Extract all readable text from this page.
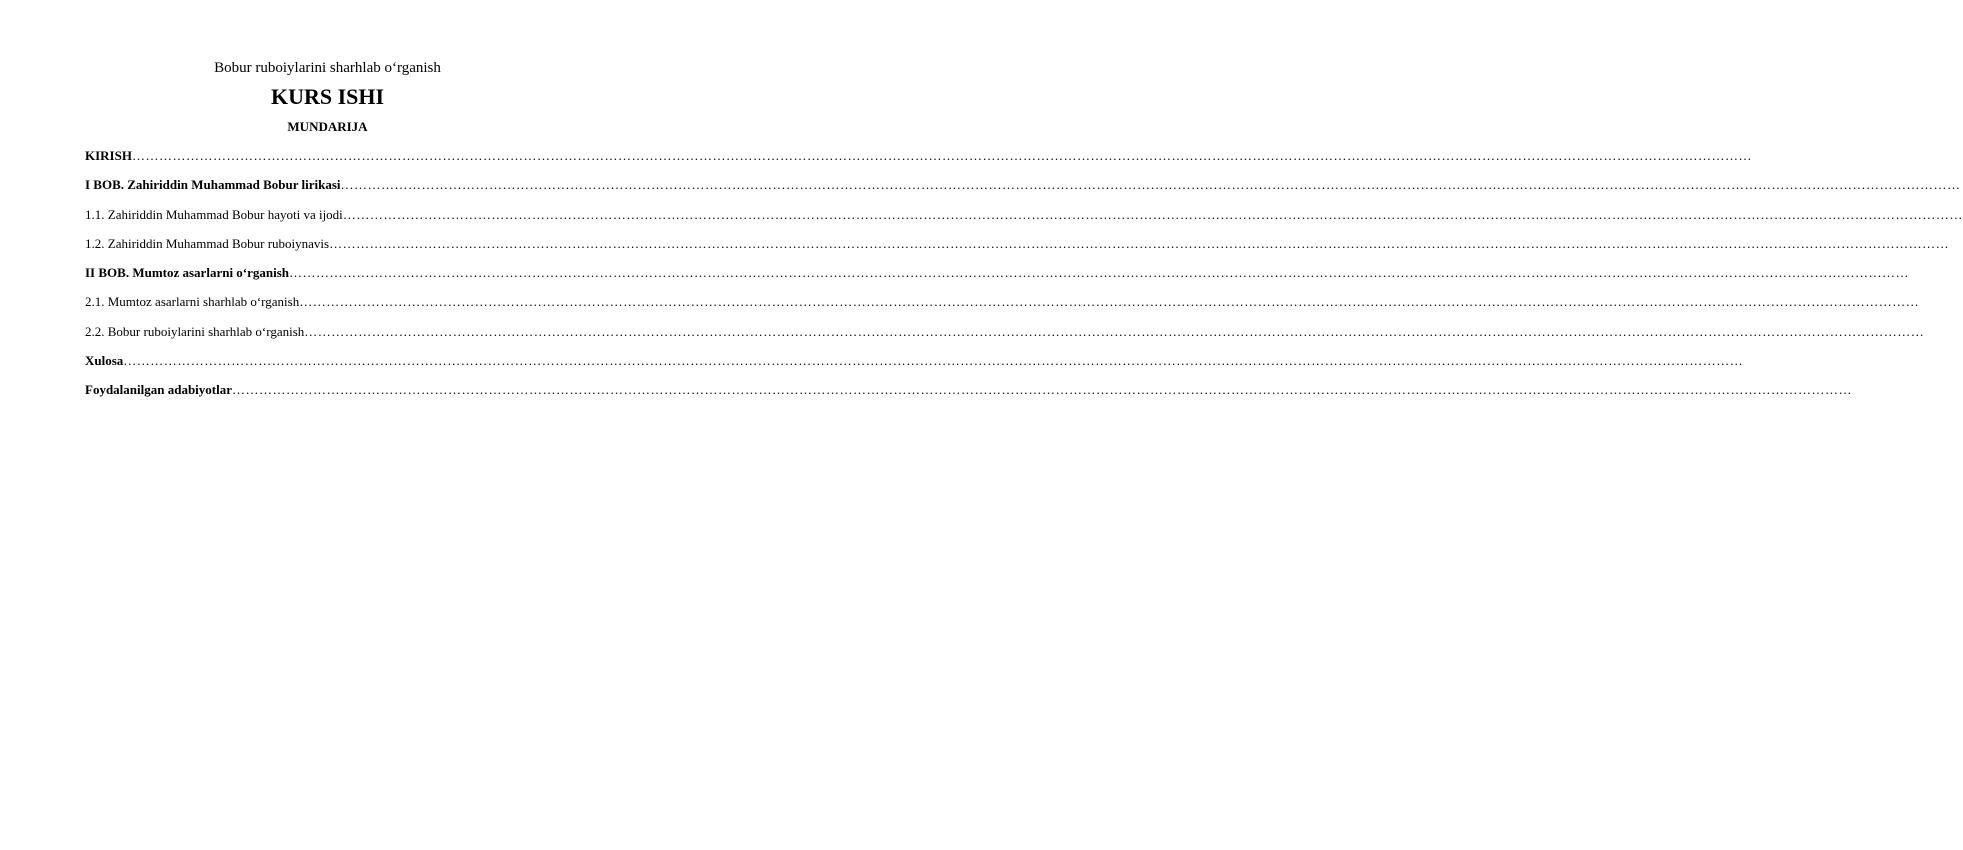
Bobur ruboiylarini sharhlab o‘rganish

KURS ISHI
MUNDARIJA
KIRISH ………………………………………………………………………………………………………………………………………………………………………………………………………………………………………………………………………………………………………………………………
I BOB. Zahiriddin Muhammad Bobur lirikasi ………………………………………………………………………………………………………………………………………………………………………………………………………………………………………………………………………………………………………………………………
1.1. Zahiriddin Muhammad Bobur hayoti va ijodi ………………………………………………………………………………………………………………………………………………………………………………………………………………………………………………………………………………………………………………………………
1.2. Zahiriddin Muhammad Bobur ruboiynavis ………………………………………………………………………………………………………………………………………………………………………………………………………………………………………………………………………………………………………………………………
II BOB. Mumtoz asarlarni o‘rganish ………………………………………………………………………………………………………………………………………………………………………………………………………………………………………………………………………………………………………………………………
2.1. Mumtoz asarlarni sharhlab o‘rganish ………………………………………………………………………………………………………………………………………………………………………………………………………………………………………………………………………………………………………………………………
2.2. Bobur ruboiylarini sharhlab o‘rganish ………………………………………………………………………………………………………………………………………………………………………………………………………………………………………………………………………………………………………………………………
Xulosa ………………………………………………………………………………………………………………………………………………………………………………………………………………………………………………………………………………………………………………………………
Foydalanilgan adabiyotlar ………………………………………………………………………………………………………………………………………………………………………………………………………………………………………………………………………………………………………………………………
